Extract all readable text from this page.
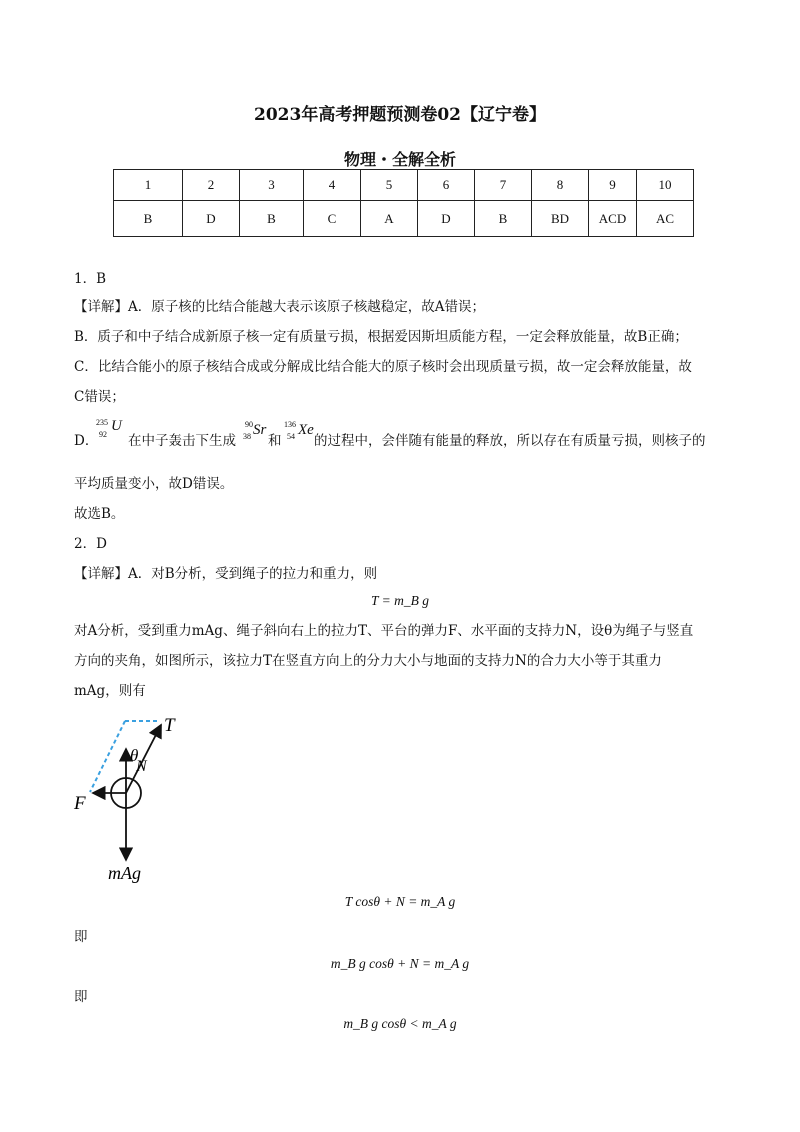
2023年高考押题预测卷02【辽宁卷】
物理・全解全析
1	2	3	4	5	6	7	8	9	10
B	D	B	C	A	D	B	BD	ACD	AC
1．B
【详解】A．原子核的比结合能越大表示该原子核越稳定，故A错误；
B．质子和中子结合成新原子核一定有质量亏损，根据爱因斯坦质能方程，一定会释放能量，故B正确；
C．比结合能小的原子核结合成或分解成比结合能大的原子核时会出现质量亏损，故一定会释放能量，故
C错误；
D．
235
92
U
在中子轰击下生成
90
38 Sr
和
136
54 Xe
的过程中，会伴随有能量的释放，所以存在有质量亏损，则核子的
平均质量变小，故D错误。
故选B。
2．D
【详解】A．对B分析，受到绳子的拉力和重力，则
T = m_B g
对A分析，受到重力mAg、绳子斜向右上的拉力T、平台的弹力F、水平面的支持力N，设θ为绳子与竖直
方向的夹角，如图所示，该拉力T在竖直方向上的分力大小与地面的支持力N的合力大小等于其重力
mAg，则有
T
θ
N
F
mAg
T cosθ + N = m_A g
即
m_B g cosθ + N = m_A g
即
m_B g cosθ < m_A g
